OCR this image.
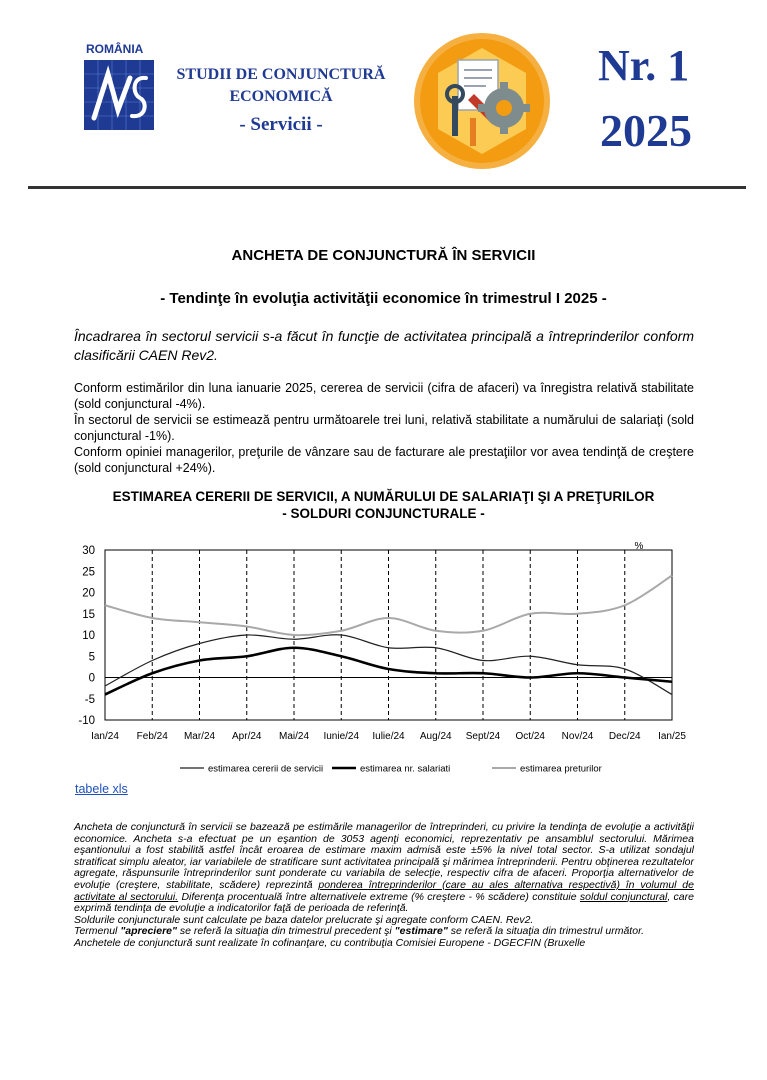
ROMÂNIA
STUDII DE CONJUNCTURĂ
ECONOMICĂ
- Servicii -
Nr. 1
2025
ANCHETA DE CONJUNCTURĂ ÎN SERVICII
- Tendinţe în evoluţia activităţii economice în trimestrul I 2025 -
Încadrarea în sectorul servicii s-a făcut în funcţie de activitatea principală a întreprinderilor conform clasificării CAEN Rev2.
Conform estimărilor din luna ianuarie 2025, cererea de servicii (cifra de afaceri) va înregistra relativă stabilitate (sold conjunctural -4%).
În sectorul de servicii se estimează pentru următoarele trei luni, relativă stabilitate a numărului de salariaţi (sold conjunctural -1%).
Conform opiniei managerilor, preţurile de vânzare sau de facturare ale prestaţiilor vor avea tendinţă de creştere (sold conjunctural +24%).
ESTIMAREA CERERII DE SERVICII, A NUMĂRULUI DE SALARIAŢI ŞI A PREŢURILOR
- SOLDURI CONJUNCTURALE -
30
25
20
15
10
5
0
-5
-10
Ian/24 Feb/24 Mar/24 Apr/24 Mai/24 Iunie/24 Iulie/24 Aug/24 Sept/24 Oct/24 Nov/24 Dec/24 Ian/25
%
estimarea cererii de servicii	estimarea nr. salariati	estimarea preturilor
tabele xls

Ancheta de conjunctură în servicii se bazează pe estimările managerilor de întreprinderi, cu privire la tendinţa de evoluţie a activităţii economice. Ancheta s-a efectuat pe un eşantion de 3053 agenţi economici, reprezentativ pe ansamblul sectorului. Mărimea eşantionului a fost stabilită astfel încât eroarea de estimare maxim admisă este ±5% la nivel total sector. S-a utilizat sondajul stratificat simplu aleator, iar variabilele de stratificare sunt activitatea principală şi mărimea întreprinderii. Pentru obţinerea rezultatelor agregate, răspunsurile întreprinderilor sunt ponderate cu variabila de selecţie, respectiv cifra de afaceri. Proporţia alternativelor de evoluţie (creştere, stabilitate, scădere) reprezintă ponderea întreprinderilor (care au ales alternativa respectivă) în volumul de activitate al sectorului. Diferenţa procentuală între alternativele extreme (% creştere - % scădere) constituie soldul conjunctural, care exprimă tendinţa de evoluţie a indicatorilor faţă de perioada de referinţă.

Soldurile conjuncturale sunt calculate pe baza datelor prelucrate şi agregate conform CAEN. Rev2.

Termenul "apreciere" se referă la situaţia din trimestrul precedent şi "estimare" se referă la situaţia din trimestrul următor.

Anchetele de conjunctură sunt realizate în cofinanţare, cu contribuţia Comisiei Europene - DGECFIN (Bruxelle
